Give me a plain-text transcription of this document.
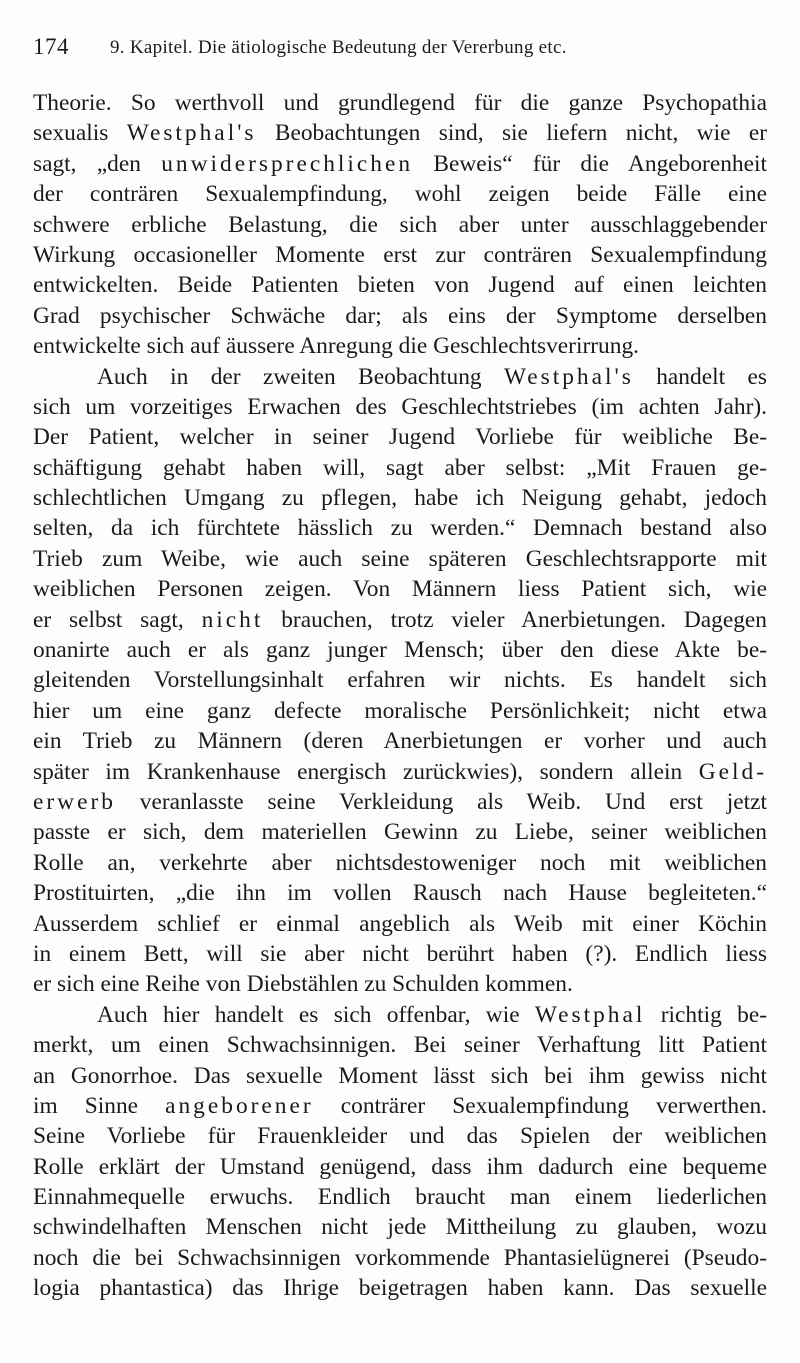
174 9. Kapitel. Die ätiologische Bedeutung der Vererbung etc.
Theorie. So werthvoll und grundlegend für die ganze Psychopathia
sexualis Westphal's Beobachtungen sind, sie liefern nicht, wie er
sagt, „den unwidersprechlichen Beweis“ für die Angeborenheit
der conträren Sexualempfindung, wohl zeigen beide Fälle eine
schwere erbliche Belastung, die sich aber unter ausschlaggebender
Wirkung occasioneller Momente erst zur conträren Sexualempfindung
entwickelten. Beide Patienten bieten von Jugend auf einen leichten
Grad psychischer Schwäche dar; als eins der Symptome derselben
entwickelte sich auf äussere Anregung die Geschlechtsverirrung.
Auch in der zweiten Beobachtung Westphal's handelt es
sich um vorzeitiges Erwachen des Geschlechtstriebes (im achten Jahr).
Der Patient, welcher in seiner Jugend Vorliebe für weibliche Be-
schäftigung gehabt haben will, sagt aber selbst: „Mit Frauen ge-
schlechtlichen Umgang zu pflegen, habe ich Neigung gehabt, jedoch
selten, da ich fürchtete hässlich zu werden.“ Demnach bestand also
Trieb zum Weibe, wie auch seine späteren Geschlechtsrapporte mit
weiblichen Personen zeigen. Von Männern liess Patient sich, wie
er selbst sagt, nicht brauchen, trotz vieler Anerbietungen. Dagegen
onanirte auch er als ganz junger Mensch; über den diese Akte be-
gleitenden Vorstellungsinhalt erfahren wir nichts. Es handelt sich
hier um eine ganz defecte moralische Persönlichkeit; nicht etwa
ein Trieb zu Männern (deren Anerbietungen er vorher und auch
später im Krankenhause energisch zurückwies), sondern allein Geld-
erwerb veranlasste seine Verkleidung als Weib. Und erst jetzt
passte er sich, dem materiellen Gewinn zu Liebe, seiner weiblichen
Rolle an, verkehrte aber nichtsdestoweniger noch mit weiblichen
Prostituirten, „die ihn im vollen Rausch nach Hause begleiteten.“
Ausserdem schlief er einmal angeblich als Weib mit einer Köchin
in einem Bett, will sie aber nicht berührt haben (?). Endlich liess
er sich eine Reihe von Diebstählen zu Schulden kommen.
Auch hier handelt es sich offenbar, wie Westphal richtig be-
merkt, um einen Schwachsinnigen. Bei seiner Verhaftung litt Patient
an Gonorrhoe. Das sexuelle Moment lässt sich bei ihm gewiss nicht
im Sinne angeborener conträrer Sexualempfindung verwerthen.
Seine Vorliebe für Frauenkleider und das Spielen der weiblichen
Rolle erklärt der Umstand genügend, dass ihm dadurch eine bequeme
Einnahmequelle erwuchs. Endlich braucht man einem liederlichen
schwindelhaften Menschen nicht jede Mittheilung zu glauben, wozu
noch die bei Schwachsinnigen vorkommende Phantasielügnerei (Pseudo-
logia phantastica) das Ihrige beigetragen haben kann. Das sexuelle
